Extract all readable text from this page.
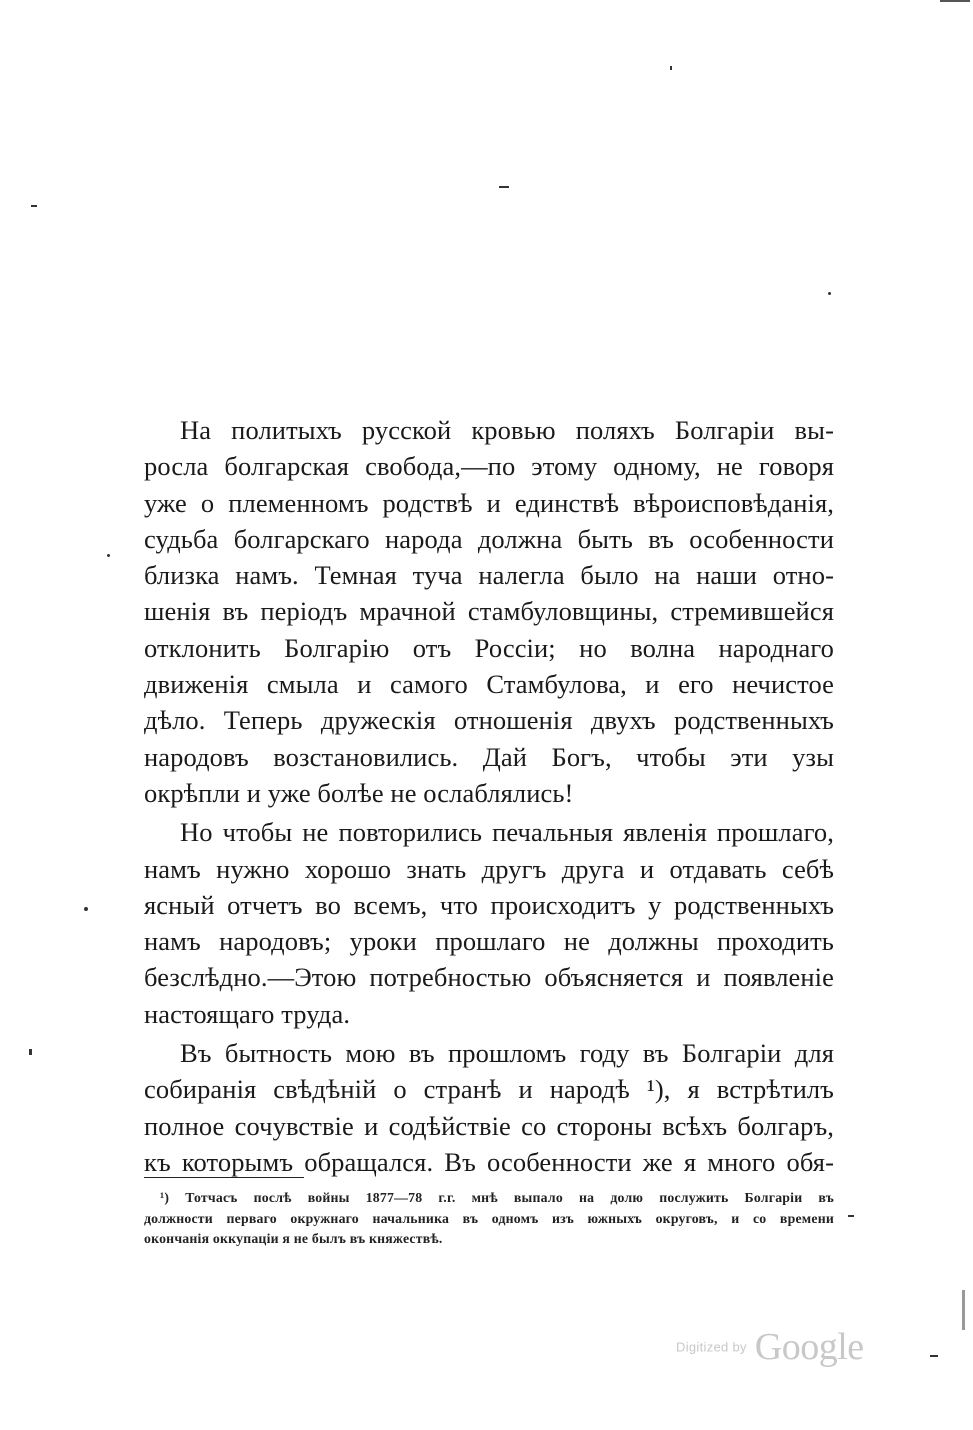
На политыхъ русской кровью поляхъ Болгаріи вы-
росла болгарская свобода,—по этому одному, не говоря
уже о племенномъ родствѣ и единствѣ вѣроисповѣданія,
судьба болгарскаго народа должна быть въ особенности
близка намъ. Темная туча налегла было на наши отно-
шенія въ періодъ мрачной стамбуловщины, стремившейся
отклонить Болгарію отъ Россіи; но волна народнаго
движенія смыла и самого Стамбулова, и его нечистое
дѣло. Теперь дружескія отношенія двухъ родственныхъ
народовъ возстановились. Дай Богъ, чтобы эти узы
окрѣпли и уже болѣе не ослаблялись!
Но чтобы не повторились печальныя явленія прошлаго,
намъ нужно хорошо знать другъ друга и отдавать себѣ
ясный отчетъ во всемъ, что происходитъ у родственныхъ
намъ народовъ; уроки прошлаго не должны проходить
безслѣдно.—Этою потребностью объясняется и появленіе
настоящаго труда.
Въ бытность мою въ прошломъ году въ Болгаріи для
собиранія свѣдѣній о странѣ и народѣ ¹), я встрѣтилъ
полное сочувствіе и содѣйствіе со стороны всѣхъ болгаръ,
къ которымъ обращался. Въ особенности же я много обя-
¹) Тотчасъ послѣ войны 1877—78 г.г. мнѣ выпало на долю послужить Болгаріи въ
должности перваго окружнаго начальника въ одномъ изъ южныхъ округовъ, и со времени
окончанія оккупаціи я не былъ въ княжествѣ.
Digitized by Google
